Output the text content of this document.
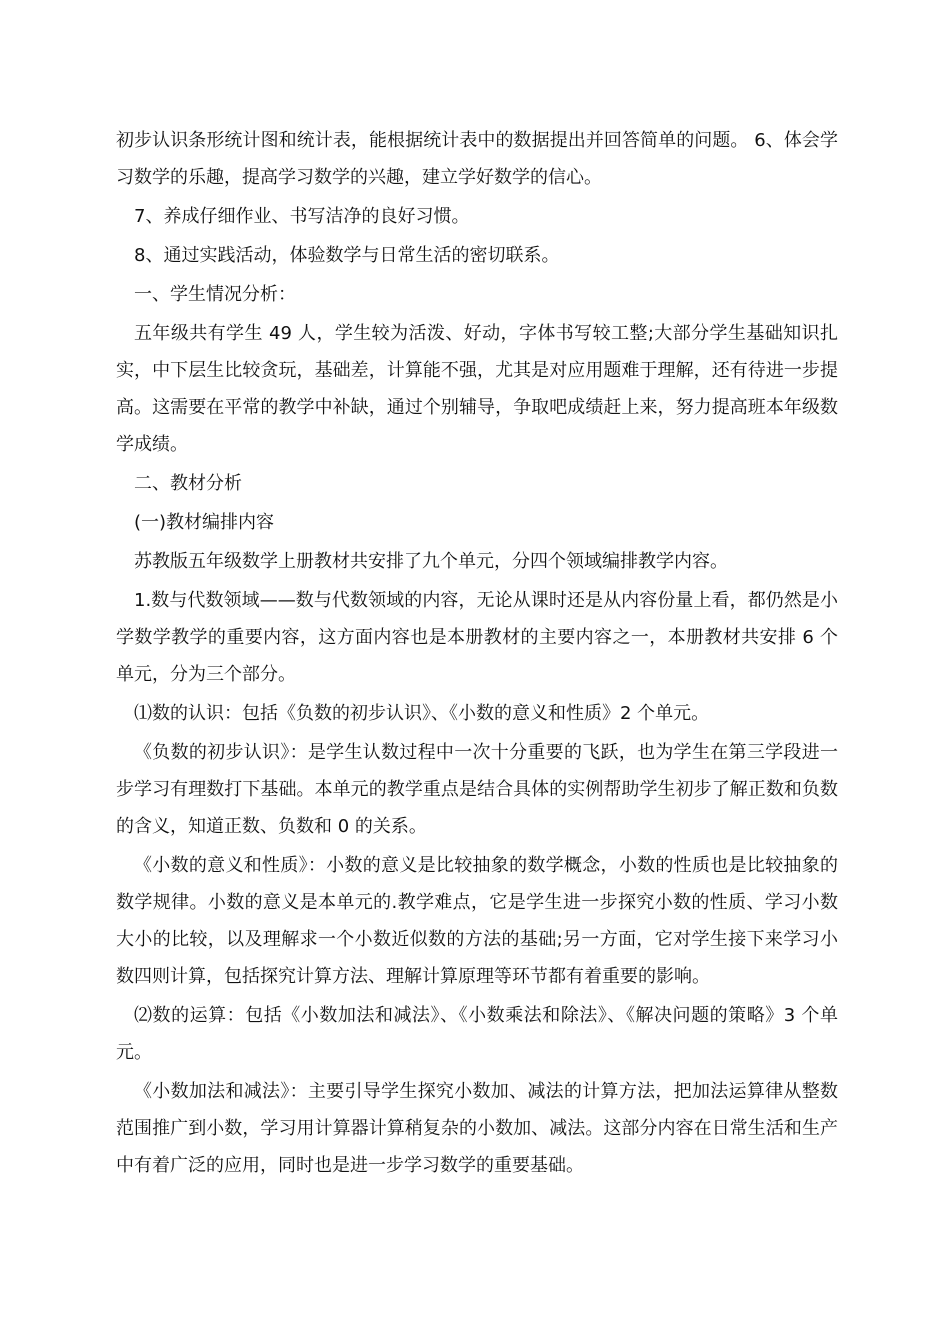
初步认识条形统计图和统计表，能根据统计表中的数据提出并回答简单的问题。 6、体会学习数学的乐趣，提高学习数学的兴趣，建立学好数学的信心。

7、养成仔细作业、书写洁净的良好习惯。

8、通过实践活动，体验数学与日常生活的密切联系。

一、学生情况分析：

五年级共有学生 49 人，学生较为活泼、好动，字体书写较工整;大部分学生基础知识扎实，中下层生比较贪玩，基础差，计算能不强，尤其是对应用题难于理解，还有待进一步提高。这需要在平常的教学中补缺，通过个别辅导，争取吧成绩赶上来，努力提高班本年级数学成绩。

二、教材分析

(一)教材编排内容

苏教版五年级数学上册教材共安排了九个单元，分四个领域编排教学内容。

1.数与代数领域——数与代数领域的内容，无论从课时还是从内容份量上看，都仍然是小学数学教学的重要内容，这方面内容也是本册教材的主要内容之一，本册教材共安排 6 个单元，分为三个部分。

⑴数的认识：包括《负数的初步认识》、《小数的意义和性质》2 个单元。

《负数的初步认识》：是学生认数过程中一次十分重要的飞跃，也为学生在第三学段进一步学习有理数打下基础。本单元的教学重点是结合具体的实例帮助学生初步了解正数和负数的含义，知道正数、负数和 0 的关系。

《小数的意义和性质》：小数的意义是比较抽象的数学概念，小数的性质也是比较抽象的数学规律。小数的意义是本单元的.教学难点，它是学生进一步探究小数的性质、学习小数大小的比较，以及理解求一个小数近似数的方法的基础;另一方面，它对学生接下来学习小数四则计算，包括探究计算方法、理解计算原理等环节都有着重要的影响。

⑵数的运算：包括《小数加法和减法》、《小数乘法和除法》、《解决问题的策略》3 个单元。

《小数加法和减法》：主要引导学生探究小数加、减法的计算方法，把加法运算律从整数范围推广到小数，学习用计算器计算稍复杂的小数加、减法。这部分内容在日常生活和生产中有着广泛的应用，同时也是进一步学习数学的重要基础。
